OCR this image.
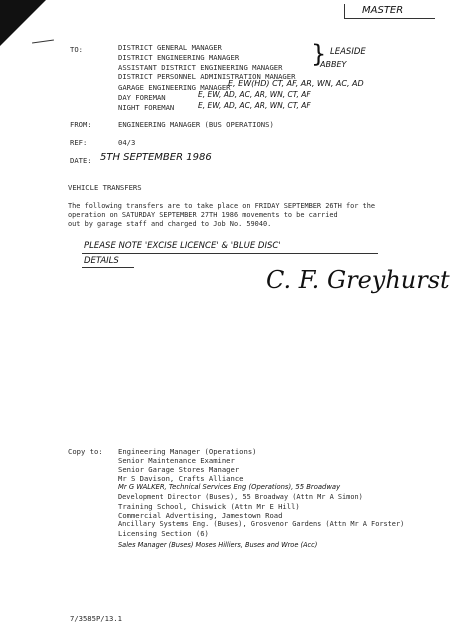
MASTER
TO:	DISTRICT GENERAL MANAGER
DISTRICT ENGINEERING MANAGER
ASSISTANT DISTRICT ENGINEERING MANAGER
DISTRICT PERSONNEL ADMINISTRATION MANAGER
GARAGE ENGINEERING MANAGER
DAY FOREMAN
NIGHT FOREMAN
} LEASIDE
ABBEY
E, EW(HD) CT, AF, AR, WN, AC, AD
E, EW, AD, AC, AR, WN, CT, AF
E, EW, AD, AC, AR, WN, CT, AF
FROM:	ENGINEERING MANAGER (BUS OPERATIONS)
REF:	04/3
DATE: 5TH SEPTEMBER 1986
VEHICLE TRANSFERS
The following transfers are to take place on FRIDAY SEPTEMBER 26TH for the
operation on SATURDAY SEPTEMBER 27TH 1986 movements to be carried
out by garage staff and charged to Job No. 59040.
PLEASE NOTE 'EXCISE LICENCE' & 'BLUE DISC'
DETAILS
C. F. Greyhurst
Copy to: Engineering Manager (Operations)
Senior Maintenance Examiner
Senior Garage Stores Manager
Mr S Davison, Crafts Alliance
Mr G WALKER, Technical Services Eng (Operations), 55 Broadway
Development Director (Buses), 55 Broadway (Attn Mr A Simon)
Training School, Chiswick (Attn Mr E Hill)
Commercial Advertising, Jamestown Road
Ancillary Systems Eng. (Buses), Grosvenor Gardens (Attn Mr A Forster)
Licensing Section (6)
Sales Manager (Buses) Moses Hilliers, Buses and Wroe (Acc)
7/3585P/13.1
